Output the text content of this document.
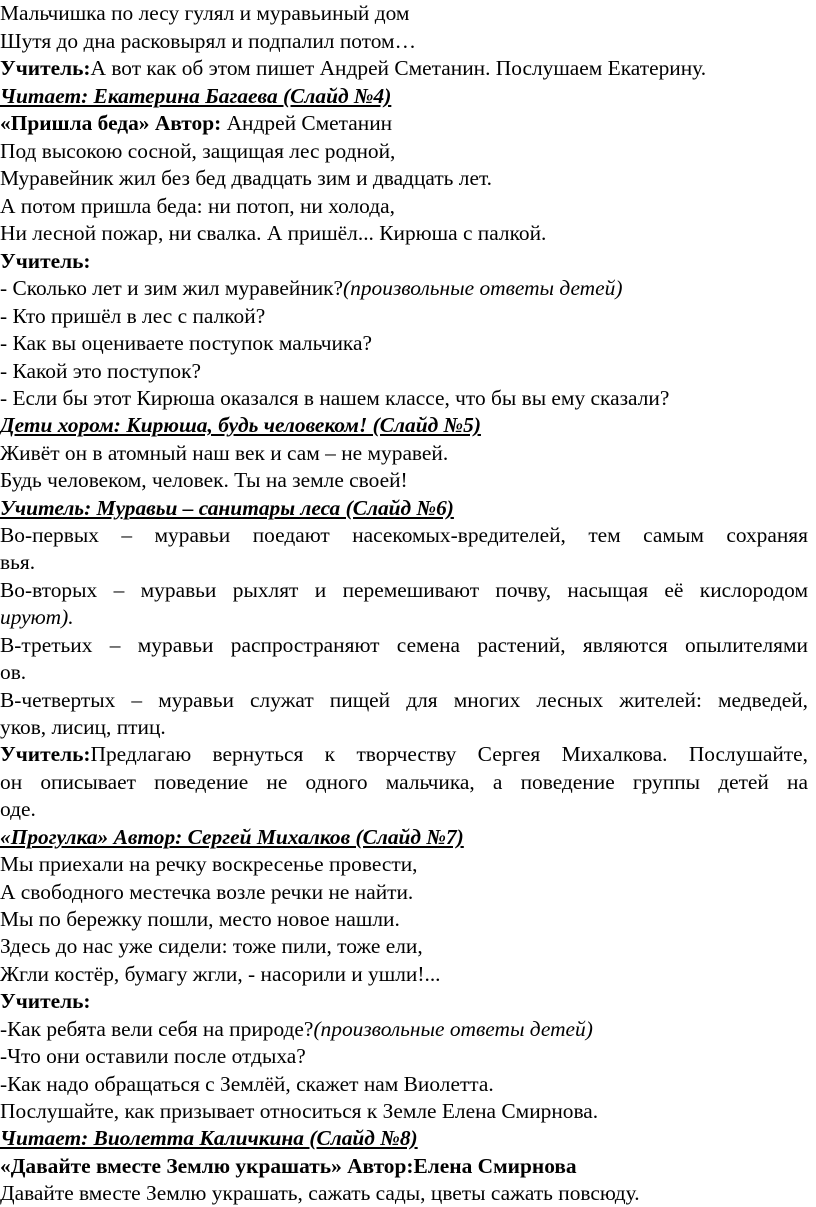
Мальчишка по лесу гулял и муравьиный дом
Шутя до дна расковырял и подпалил потом…
Учитель:А вот как об этом пишет Андрей Сметанин. Послушаем Екатерину.
Читает: Екатерина Багаева (Слайд №4)
«Пришла беда» Автор: Андрей Сметанин
Под высокою сосной, защищая лес родной,
Муравейник жил без бед двадцать зим и двадцать лет.
А потом пришла беда: ни потоп, ни холода,
Ни лесной пожар, ни свалка. А пришёл... Кирюша с палкой.
Учитель:
- Сколько лет и зим жил муравейник?(произвольные ответы детей)
- Кто пришёл в лес с палкой?
- Как вы оцениваете поступок мальчика?
- Какой это поступок?
- Если бы этот Кирюша оказался в нашем классе, что бы вы ему сказали?
Дети хором: Кирюша, будь человеком! (Слайд №5)
Живёт он в атомный наш век и сам – не муравей.
Будь человеком, человек. Ты на земле своей!
Учитель: Муравьи – санитары леса (Слайд №6)
Во-первых – муравьи поедают насекомых-вредителей, тем самым сохраняя
вья.
Во-вторых – муравьи рыхлят и перемешивают почву, насыщая её кислородом
ируют).
В-третьих – муравьи распространяют семена растений, являются опылителями
ов.
В-четвертых – муравьи служат пищей для многих лесных жителей: медведей,
уков, лисиц, птиц.
Учитель:Предлагаю вернуться к творчеству Сергея Михалкова. Послушайте,
он описывает поведение не одного мальчика, а поведение группы детей на
оде.
«Прогулка» Автор: Сергей Михалков (Слайд №7)
Мы приехали на речку воскресенье провести,
А свободного местечка возле речки не найти.
Мы по бережку пошли, место новое нашли.
Здесь до нас уже сидели: тоже пили, тоже ели,
Жгли костёр, бумагу жгли, - насорили и ушли!...
Учитель:
-Как ребята вели себя на природе?(произвольные ответы детей)
-Что они оставили после отдыха?
-Как надо обращаться с Землёй, скажет нам Виолетта.
Послушайте, как призывает относиться к Земле Елена Смирнова.
Читает: Виолетта Каличкина (Слайд №8)
«Давайте вместе Землю украшать» Автор:Елена Смирнова
Давайте вместе Землю украшать, сажать сады, цветы сажать повсюду.
